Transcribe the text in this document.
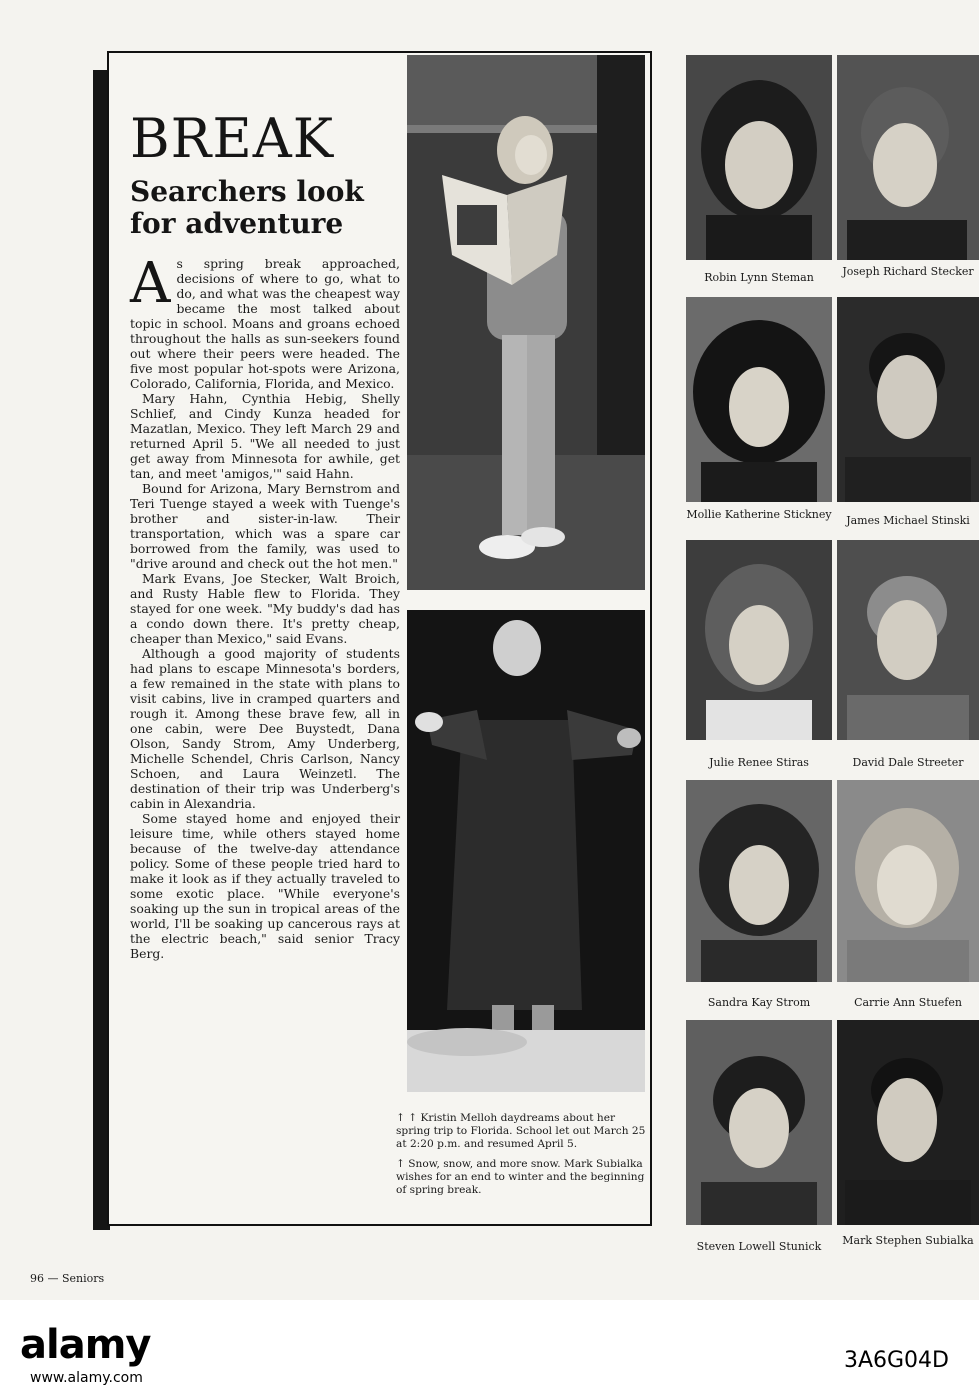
BREAK
Searchers look for adventure

As spring break approached, decisions of where to go, what to do, and what was the cheapest way became the most talked about topic in school. Moans and groans echoed throughout the halls as sun-seekers found out where their peers were headed. The five most popular hot-spots were Arizona, Colorado, California, Florida, and Mexico.

Mary Hahn, Cynthia Hebig, Shelly Schlief, and Cindy Kunza headed for Mazatlan, Mexico. They left March 29 and returned April 5. "We all needed to just get away from Minnesota for awhile, get tan, and meet 'amigos,'" said Hahn.

Bound for Arizona, Mary Bernstrom and Teri Tuenge stayed a week with Tuenge's brother and sister-in-law. Their transportation, which was a spare car borrowed from the family, was used to "drive around and check out the hot men."

Mark Evans, Joe Stecker, Walt Broich, and Rusty Hable flew to Florida. They stayed for one week. "My buddy's dad has a condo down there. It's pretty cheap, cheaper than Mexico," said Evans.

Although a good majority of students had plans to escape Minnesota's borders, a few remained in the state with plans to visit cabins, live in cramped quarters and rough it. Among these brave few, all in one cabin, were Dee Buystedt, Dana Olson, Sandy Strom, Amy Underberg, Michelle Schendel, Chris Carlson, Nancy Schoen, and Laura Weinzetl. The destination of their trip was Underberg's cabin in Alexandria.

Some stayed home and enjoyed their leisure time, while others stayed home because of the twelve-day attendance policy. Some of these people tried hard to make it look as if they actually traveled to some exotic place. "While everyone's soaking up the sun in tropical areas of the world, I'll be soaking up cancerous rays at the electric beach," said senior Tracy Berg.

↑ ↑ Kristin Melloh daydreams about her spring trip to Florida. School let out March 25 at 2:20 p.m. and resumed April 5.

↑ Snow, snow, and more snow. Mark Subialka wishes for an end to winter and the beginning of spring break.

Robin Lynn Steman	Joseph Richard Stecker
Mollie Katherine Stickney	James Michael Stinski
Julie Renee Stiras	David Dale Streeter
Sandra Kay Strom	Carrie Ann Stuefen
Steven Lowell Stunick	Mark Stephen Subialka
96 — Seniors
alamy	3A6G04D
www.alamy.com
